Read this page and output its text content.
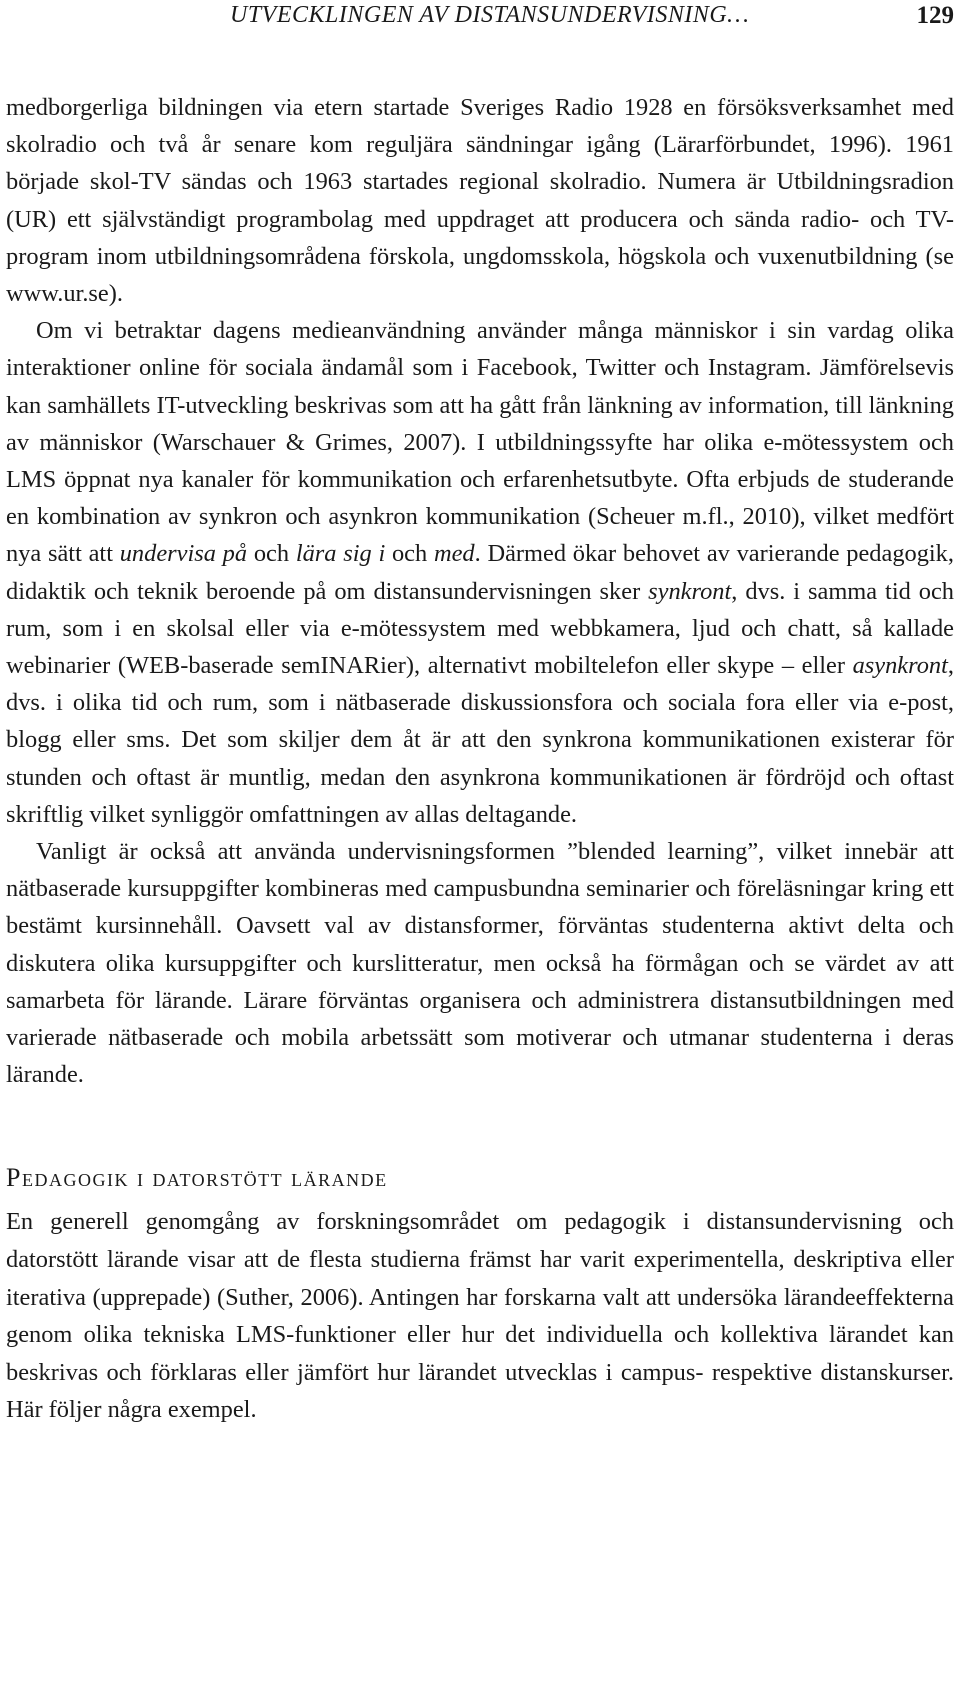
UTVECKLINGEN AV DISTANSUNDERVISNING…	129

medborgerliga bildningen via etern startade Sveriges Radio 1928 en försöksverksamhet med skolradio och två år senare kom reguljära sändningar igång (Lärarförbundet, 1996). 1961 började skol-TV sändas och 1963 startades regional skolradio. Numera är Utbildningsradion (UR) ett självständigt programbolag med uppdraget att producera och sända radio- och TV-program inom utbildningsområdena förskola, ungdomsskola, högskola och vuxenutbildning (se www.ur.se).

Om vi betraktar dagens medieanvändning använder många människor i sin vardag olika interaktioner online för sociala ändamål som i Facebook, Twitter och Instagram. Jämförelsevis kan samhällets IT-utveckling beskrivas som att ha gått från länkning av information, till länkning av människor (Warschauer & Grimes, 2007). I utbildningssyfte har olika e-mötessystem och LMS öppnat nya kanaler för kommunikation och erfarenhetsutbyte. Ofta erbjuds de studerande en kombination av synkron och asynkron kommunikation (Scheuer m.fl., 2010), vilket medfört nya sätt att undervisa på och lära sig i och med. Därmed ökar behovet av varierande pedagogik, didaktik och teknik beroende på om distansundervisningen sker synkront, dvs. i samma tid och rum, som i en skolsal eller via e-mötessystem med webbkamera, ljud och chatt, så kallade webinarier (WEB-baserade semINARier), alternativt mobiltelefon eller skype – eller asynkront, dvs. i olika tid och rum, som i nätbaserade diskussionsfora och sociala fora eller via e-post, blogg eller sms. Det som skiljer dem åt är att den synkrona kommunikationen existerar för stunden och oftast är muntlig, medan den asynkrona kommunikationen är fördröjd och oftast skriftlig vilket synliggör omfattningen av allas deltagande.

Vanligt är också att använda undervisningsformen ”blended learning”, vilket innebär att nätbaserade kursuppgifter kombineras med campusbundna seminarier och föreläsningar kring ett bestämt kursinnehåll. Oavsett val av distansformer, förväntas studenterna aktivt delta och diskutera olika kursuppgifter och kurslitteratur, men också ha förmågan och se värdet av att samarbeta för lärande. Lärare förväntas organisera och administrera distansutbildningen med varierade nätbaserade och mobila arbetssätt som motiverar och utmanar studenterna i deras lärande.

Pedagogik i datorstött lärande

En generell genomgång av forskningsområdet om pedagogik i distansundervisning och datorstött lärande visar att de flesta studierna främst har varit experimentella, deskriptiva eller iterativa (upprepade) (Suther, 2006). Antingen har forskarna valt att undersöka lärandeeffekterna genom olika tekniska LMS-funktioner eller hur det individuella och kollektiva lärandet kan beskrivas och förklaras eller jämfört hur lärandet utvecklas i campus- respektive distanskurser. Här följer några exempel.
